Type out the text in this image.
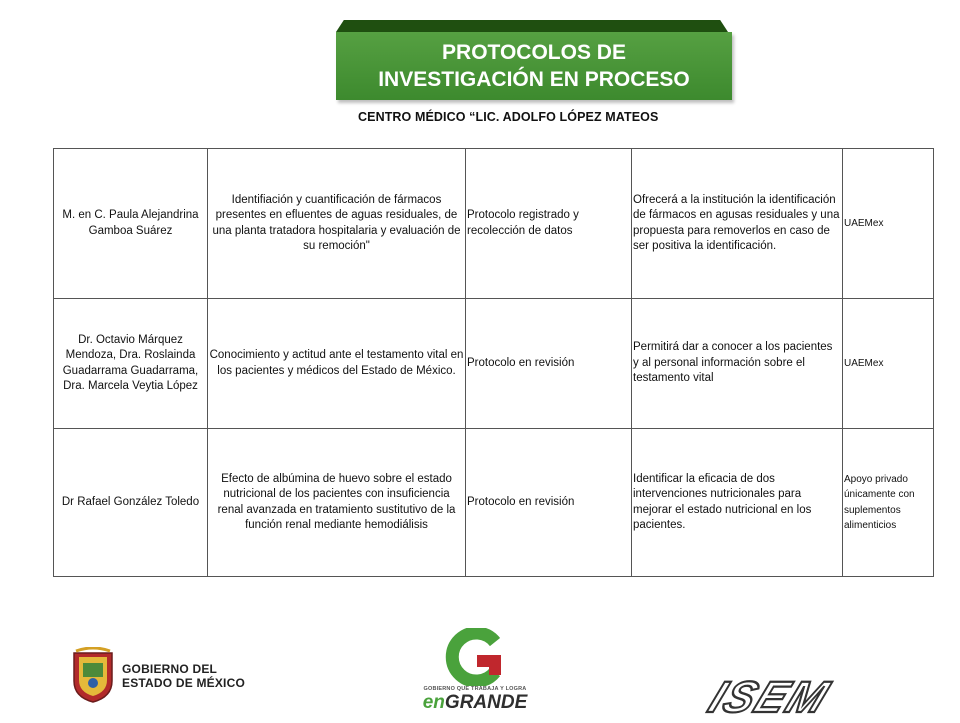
PROTOCOLOS DE
INVESTIGACIÓN EN PROCESO
CENTRO MÉDICO “LIC. ADOLFO LÓPEZ MATEOS
M. en C. Paula Alejandrina Gamboa Suárez	Identifiación y cuantificación de fármacos presentes en efluentes de aguas residuales, de una planta tratadora hospitalaria y evaluación de su remoción"	Protocolo registrado y recolección de datos	Ofrecerá a la institución la identificación de fármacos en agusas residuales y una propuesta para removerlos en caso de ser positiva la identificación.	UAEMex
Dr. Octavio Márquez Mendoza, Dra. Roslainda Guadarrama Guadarrama, Dra. Marcela Veytia López	Conocimiento y actitud ante el testamento vital en los pacientes y médicos del Estado de México.	Protocolo en revisión	Permitirá dar a conocer a los pacientes y al personal información sobre el testamento vital	UAEMex
Dr Rafael González Toledo	Efecto de albúmina de huevo sobre el estado nutricional de los pacientes con insuficiencia renal avanzada en tratamiento sustitutivo de la función renal mediante hemodiálisis	Protocolo en revisión	Identificar la eficacia de dos intervenciones nutricionales para mejorar el estado nutricional en los pacientes.	Apoyo privado únicamente con suplementos alimenticios
GOBIERNO DEL
ESTADO DE MÉXICO	GOBIERNO QUE TRABAJA Y LOGRA
enGRANDE	ISEM
